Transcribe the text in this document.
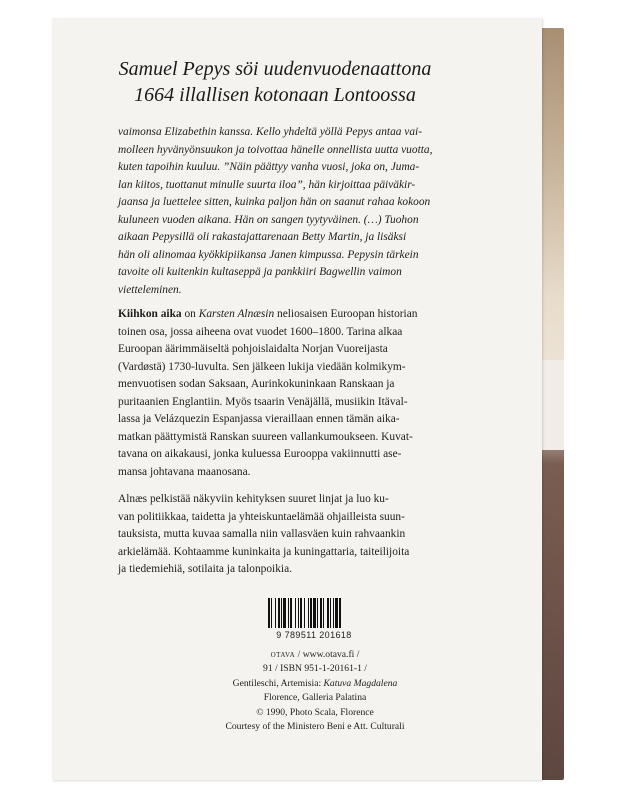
Samuel Pepys söi uudenvuodenaattona
1664 illallisen kotonaan Lontoossa
vaimonsa Elizabethin kanssa. Kello yhdeltä yöllä Pepys antaa vai-
molleen hyvänyönsuukon ja toivottaa hänelle onnellista uutta vuotta,
kuten tapoihin kuuluu. ”Näin päättyy vanha vuosi, joka on, Juma-
lan kiitos, tuottanut minulle suurta iloa”, hän kirjoittaa päiväkir-
jaansa ja luettelee sitten, kuinka paljon hän on saanut rahaa kokoon
kuluneen vuoden aikana. Hän on sangen tyytyväinen. (…) Tuohon
aikaan Pepysillä oli rakastajattarenaan Betty Martin, ja lisäksi
hän oli alinomaa kyökkipiikansa Janen kimpussa. Pepysin tärkein
tavoite oli kuitenkin kultaseppä ja pankkiiri Bagwellin vaimon
vietteleminen.

Kiihkon aika on Karsten Alnæsin neliosaisen Euroopan historian
toinen osa, jossa aiheena ovat vuodet 1600–1800. Tarina alkaa
Euroopan äärimmäiseltä pohjoislaidalta Norjan Vuoreijasta
(Vardøstä) 1730-luvulta. Sen jälkeen lukija viedään kolmikym-
menvuotisen sodan Saksaan, Aurinkokuninkaan Ranskaan ja
puritaanien Englantiin. Myös tsaarin Venäjällä, musiikin Itäval-
lassa ja Velázquezin Espanjassa vieraillaan ennen tämän aika-
matkan päättymistä Ranskan suureen vallankumoukseen. Kuvat-
tavana on aikakausi, jonka kuluessa Eurooppa vakiinnutti ase-
mansa johtavana maanosana.

Alnæs pelkistää näkyviin kehityksen suuret linjat ja luo ku-
van politiikkaa, taidetta ja yhteiskuntaelämää ohjailleista suun-
tauksista, mutta kuvaa samalla niin vallasväen kuin rahvaankin
arkielämää. Kohtaamme kuninkaita ja kuningattaria, taiteilijoita
ja tiedemiehiä, sotilaita ja talonpoikia.

9 789511 201618
otava / www.otava.fi /
91 / ISBN 951-1-20161-1 /
Gentileschi, Artemisia: Katuva Magdalena
Florence, Galleria Palatina
© 1990, Photo Scala, Florence
Courtesy of the Ministero Beni e Att. Culturali
